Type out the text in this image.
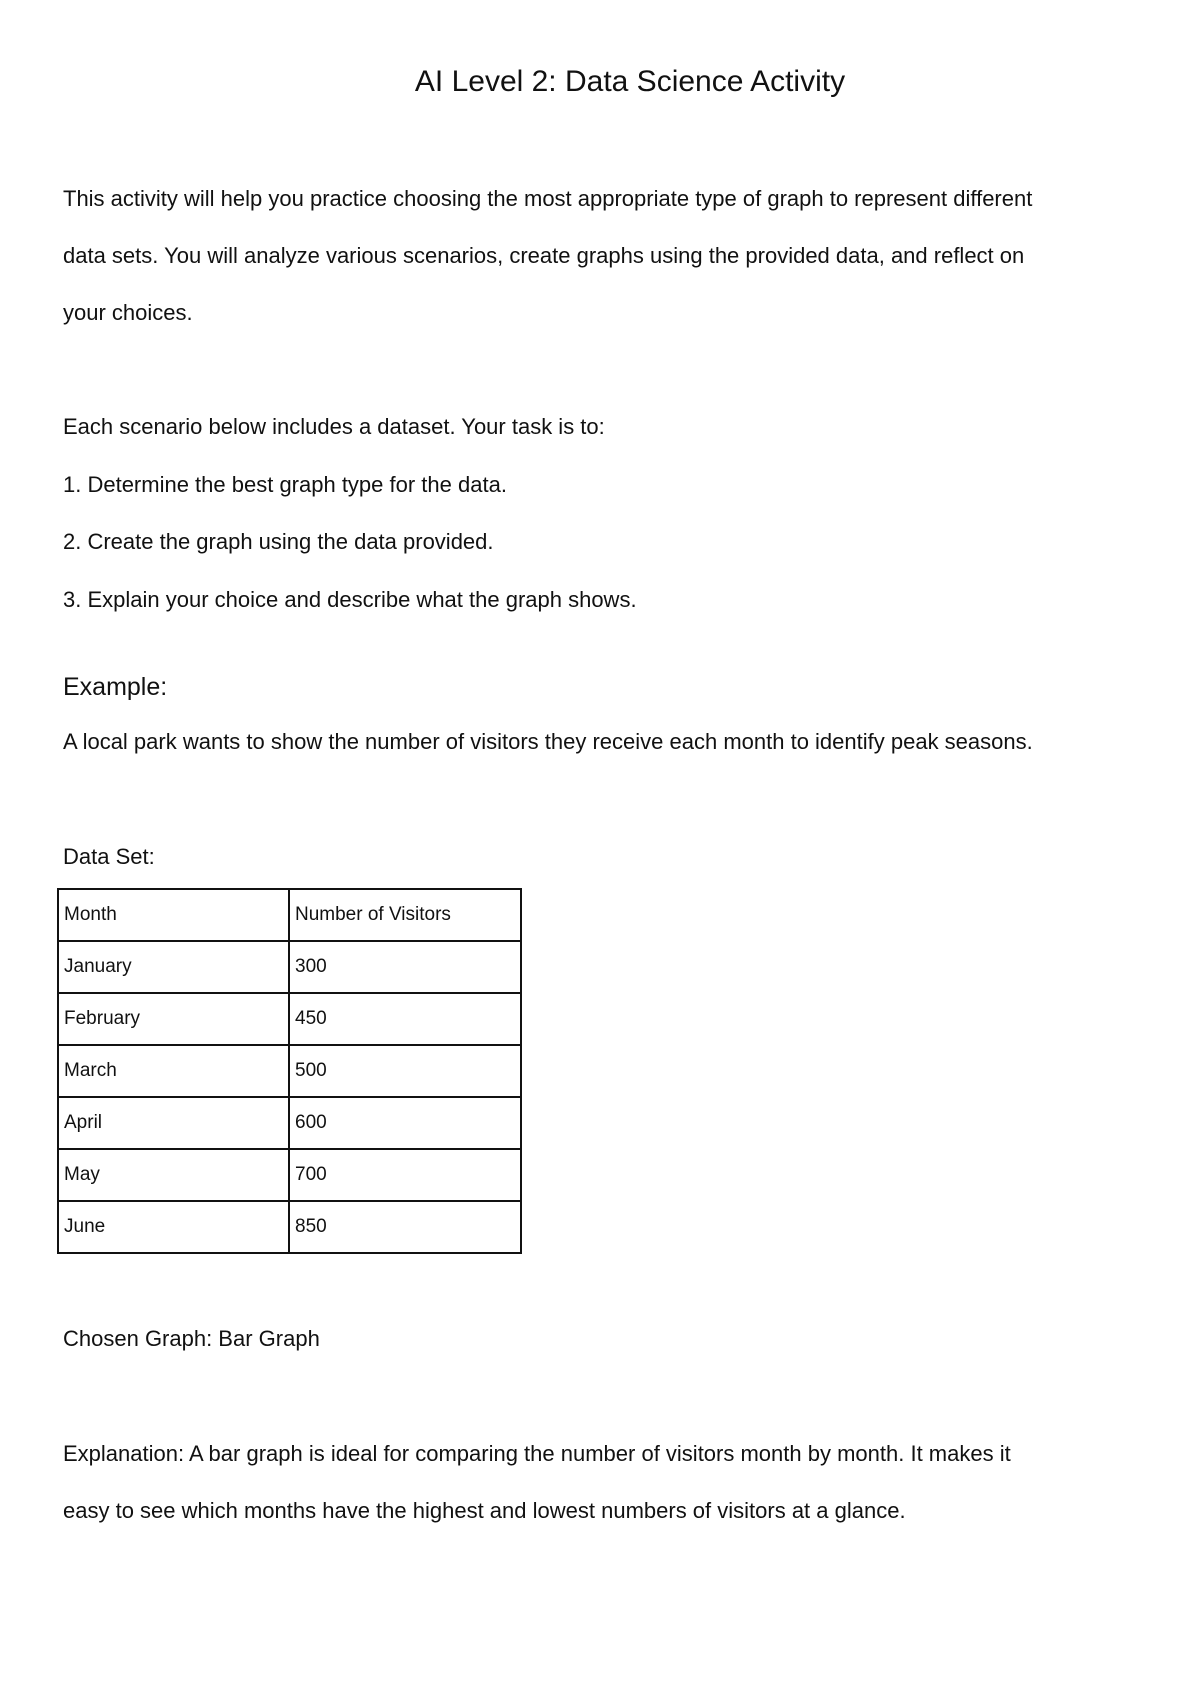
AI Level 2: Data Science Activity

This activity will help you practice choosing the most appropriate type of graph to represent different

data sets. You will analyze various scenarios, create graphs using the provided data, and reflect on

your choices.

Each scenario below includes a dataset. Your task is to:

1. Determine the best graph type for the data.

2. Create the graph using the data provided.

3. Explain your choice and describe what the graph shows.

Example:

A local park wants to show the number of visitors they receive each month to identify peak seasons.

Data Set:

Month	Number of Visitors
January	300
February	450
March	500
April	600
May	700
June	850

Chosen Graph: Bar Graph

Explanation: A bar graph is ideal for comparing the number of visitors month by month. It makes it

easy to see which months have the highest and lowest numbers of visitors at a glance.
